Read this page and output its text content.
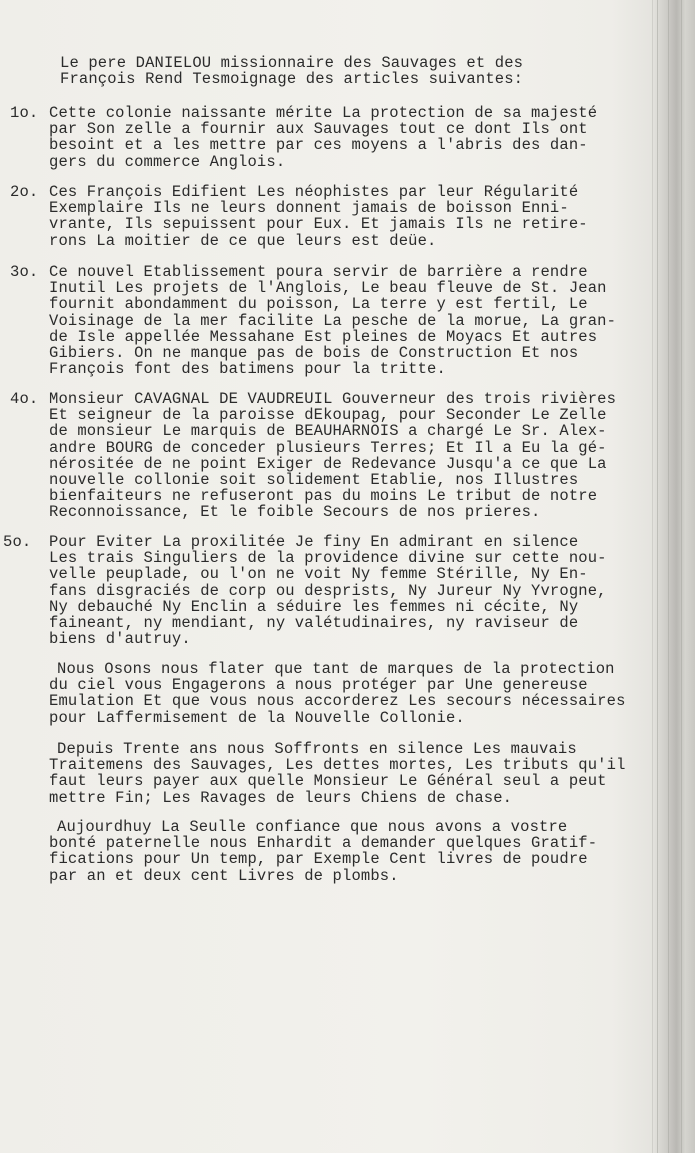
Le pere DANIELOU missionnaire des Sauvages et des
François Rend Tesmoignage des articles suivantes:
1o. Cette colonie naissante mérite La protection de sa majesté
par Son zelle a fournir aux Sauvages tout ce dont Ils ont
besoint et a les mettre par ces moyens a l'abris des dan-
gers du commerce Anglois.
2o. Ces François Edifient Les néophistes par leur Régularité
Exemplaire Ils ne leurs donnent jamais de boisson Enni-
vrante, Ils sepuissent pour Eux. Et jamais Ils ne retire-
rons La moitier de ce que leurs est deüe.
3o. Ce nouvel Etablissement poura servir de barrière a rendre
Inutil Les projets de l'Anglois, Le beau fleuve de St. Jean
fournit abondamment du poisson, La terre y est fertil, Le
Voisinage de la mer facilite La pesche de la morue, La gran-
de Isle appellée Messahane Est pleines de Moyacs Et autres
Gibiers. On ne manque pas de bois de Construction Et nos
François font des batimens pour la tritte.
4o. Monsieur CAVAGNAL DE VAUDREUIL Gouverneur des trois rivières
Et seigneur de la paroisse dEkoupag, pour Seconder Le Zelle
de monsieur Le marquis de BEAUHARNOIS a chargé Le Sr. Alex-
andre BOURG de conceder plusieurs Terres; Et Il a Eu la gé-
nérositée de ne point Exiger de Redevance Jusqu'a ce que La
nouvelle collonie soit solidement Etablie, nos Illustres
bienfaiteurs ne refuseront pas du moins Le tribut de notre
Reconnoissance, Et le foible Secours de nos prieres.
5o.	Pour Eviter La proxilitée Je finy En admirant en silence
Les trais Singuliers de la providence divine sur cette nou-
velle peuplade, ou l'on ne voit Ny femme Stérille, Ny En-
fans disgraciés de corp ou desprists, Ny Jureur Ny Yvrogne,
Ny debauché Ny Enclin a séduire les femmes ni cécite, Ny
faineant, ny mendiant, ny valétudinaires, ny raviseur de
biens d'autruy.
Nous Osons nous flater que tant de marques de la protection
du ciel vous Engagerons a nous protéger par Une genereuse
Emulation Et que vous nous accorderez Les secours nécessaires
pour Laffermisement de la Nouvelle Collonie.
Depuis Trente ans nous Soffronts en silence Les mauvais
Traitemens des Sauvages, Les dettes mortes, Les tributs qu'il
faut leurs payer aux quelle Monsieur Le Général seul a peut
mettre Fin; Les Ravages de leurs Chiens de chase.
Aujourdhuy La Seulle confiance que nous avons a vostre
bonté paternelle nous Enhardit a demander quelques Gratif-
fications pour Un temp, par Exemple Cent livres de poudre
par an et deux cent Livres de plombs.
